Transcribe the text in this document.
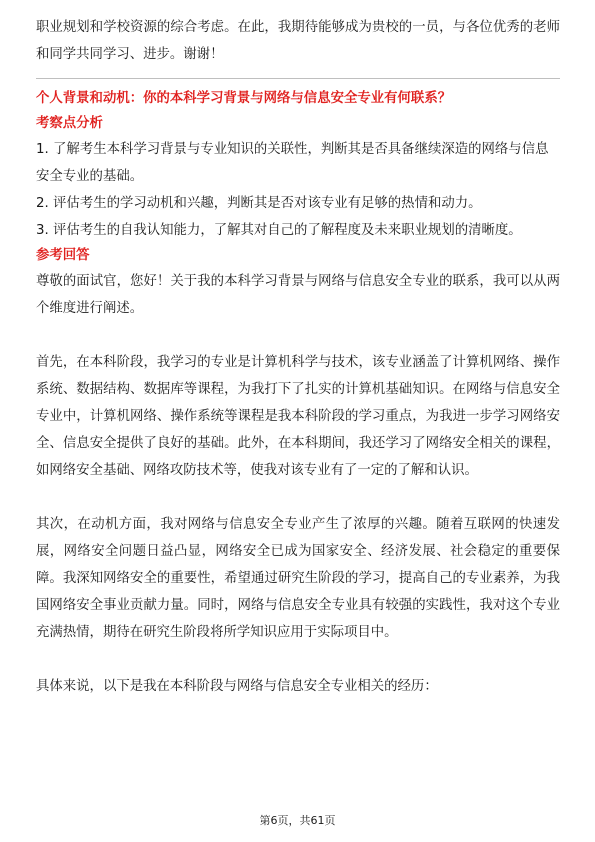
职业规划和学校资源的综合考虑。在此，我期待能够成为贵校的一员，与各位优秀的老师和同学共同学习、进步。谢谢！

个人背景和动机：你的本科学习背景与网络与信息安全专业有何联系？

考察点分析

1. 了解考生本科学习背景与专业知识的关联性，判断其是否具备继续深造的网络与信息安全专业的基础。

2. 评估考生的学习动机和兴趣，判断其是否对该专业有足够的热情和动力。

3. 评估考生的自我认知能力，了解其对自己的了解程度及未来职业规划的清晰度。

参考回答

尊敬的面试官，您好！关于我的本科学习背景与网络与信息安全专业的联系，我可以从两个维度进行阐述。

首先，在本科阶段，我学习的专业是计算机科学与技术，该专业涵盖了计算机网络、操作系统、数据结构、数据库等课程，为我打下了扎实的计算机基础知识。在网络与信息安全专业中，计算机网络、操作系统等课程是我本科阶段的学习重点，为我进一步学习网络安全、信息安全提供了良好的基础。此外，在本科期间，我还学习了网络安全相关的课程，如网络安全基础、网络攻防技术等，使我对该专业有了一定的了解和认识。

其次，在动机方面，我对网络与信息安全专业产生了浓厚的兴趣。随着互联网的快速发展，网络安全问题日益凸显，网络安全已成为国家安全、经济发展、社会稳定的重要保障。我深知网络安全的重要性，希望通过研究生阶段的学习，提高自己的专业素养，为我国网络安全事业贡献力量。同时，网络与信息安全专业具有较强的实践性，我对这个专业充满热情，期待在研究生阶段将所学知识应用于实际项目中。

具体来说，以下是我在本科阶段与网络与信息安全专业相关的经历：

第6页，共61页
